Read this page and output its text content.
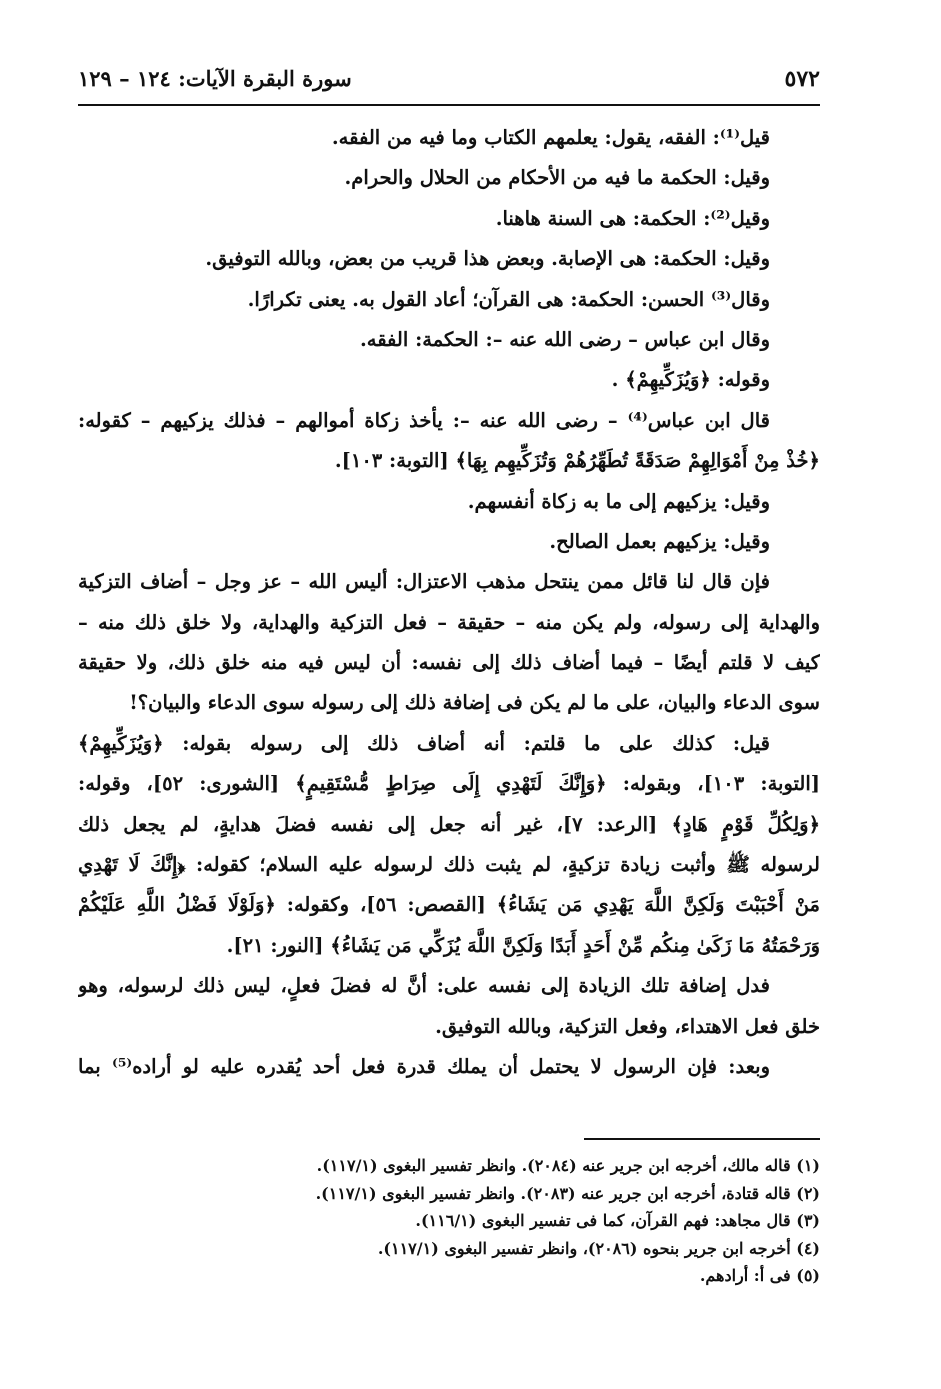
٥٧٢
سورة البقرة الآيات: ١٢٤ – ١٢٩
قيل⁽¹⁾: الفقه، يقول: يعلمهم الكتاب وما فيه من الفقه.
وقيل: الحكمة ما فيه من الأحكام من الحلال والحرام.
وقيل⁽²⁾: الحكمة: هى السنة هاهنا.
وقيل: الحكمة: هى الإصابة. وبعض هذا قريب من بعض، وبالله التوفيق.
وقال⁽³⁾ الحسن: الحكمة: هى القرآن؛ أعاد القول به. يعنى تكرارًا.
وقال ابن عباس – رضى الله عنه –: الحكمة: الفقه.
وقوله: ﴿وَيُزَكِّيهِمْ﴾ .
قال ابن عباس⁽⁴⁾ – رضى الله عنه –: يأخذ زكاة أموالهم – فذلك يزكيهم – كقوله:
﴿خُذْ مِنْ أَمْوَالِهِمْ صَدَقَةً تُطَهِّرُهُمْ وَتُزَكِّيهِم بِهَا﴾ [التوبة: ١٠٣].
وقيل: يزكيهم إلى ما به زكاة أنفسهم.
وقيل: يزكيهم بعمل الصالح.
فإن قال لنا قائل ممن ينتحل مذهب الاعتزال: أليس الله – عز وجل – أضاف التزكية
والهداية إلى رسوله، ولم يكن منه – حقيقة – فعل التزكية والهداية، ولا خلق ذلك منه –
كيف لا قلتم أيضًا – فيما أضاف ذلك إلى نفسه: أن ليس فيه منه خلق ذلك، ولا حقيقة
سوى الدعاء والبيان، على ما لم يكن فى إضافة ذلك إلى رسوله سوى الدعاء والبيان؟!
قيل: كذلك على ما قلتم: أنه أضاف ذلك إلى رسوله بقوله: ﴿وَيُزَكِّيهِمْ﴾
[التوبة: ١٠٣]، وبقوله: ﴿وَإِنَّكَ لَتَهْدِي إِلَى صِرَاطٍ مُّسْتَقِيمٍ﴾ [الشورى: ٥٢]، وقوله:
﴿وَلِكُلِّ قَوْمٍ هَادٍ﴾ [الرعد: ٧]، غير أنه جعل إلى نفسه فضلَ هدايةٍ، لم يجعل ذلك
لرسوله ﷺ وأثبت زيادة تزكيةٍ، لم يثبت ذلك لرسوله عليه السلام؛ كقوله: ﴿إِنَّكَ لَا تَهْدِي
مَنْ أَحْبَبْتَ وَلَكِنَّ اللَّهَ يَهْدِي مَن يَشَاءُ﴾ [القصص: ٥٦]، وكقوله: ﴿وَلَوْلَا فَضْلُ اللَّهِ عَلَيْكُمْ
وَرَحْمَتُهُ مَا زَكَىٰ مِنكُم مِّنْ أَحَدٍ أَبَدًا وَلَكِنَّ اللَّهَ يُزَكِّي مَن يَشَاءُ﴾ [النور: ٢١].
فدل إضافة تلك الزيادة إلى نفسه على: أنَّ له فضلَ فعلٍ، ليس ذلك لرسوله، وهو
خلق فعل الاهتداء، وفعل التزكية، وبالله التوفيق.
وبعد: فإن الرسول لا يحتمل أن يملك قدرة فعل أحد يُقدره عليه لو أراده⁽⁵⁾ بما
(١) قاله مالك، أخرجه ابن جرير عنه (٢٠٨٤). وانظر تفسير البغوى (١١٧/١).
(٢) قاله قتادة، أخرجه ابن جرير عنه (٢٠٨٣). وانظر تفسير البغوى (١١٧/١).
(٣) قال مجاهد: فهم القرآن، كما فى تفسير البغوى (١١٦/١).
(٤) أخرجه ابن جرير بنحوه (٢٠٨٦)، وانظر تفسير البغوى (١١٧/١).
(٥) فى أ: أرادهم.
